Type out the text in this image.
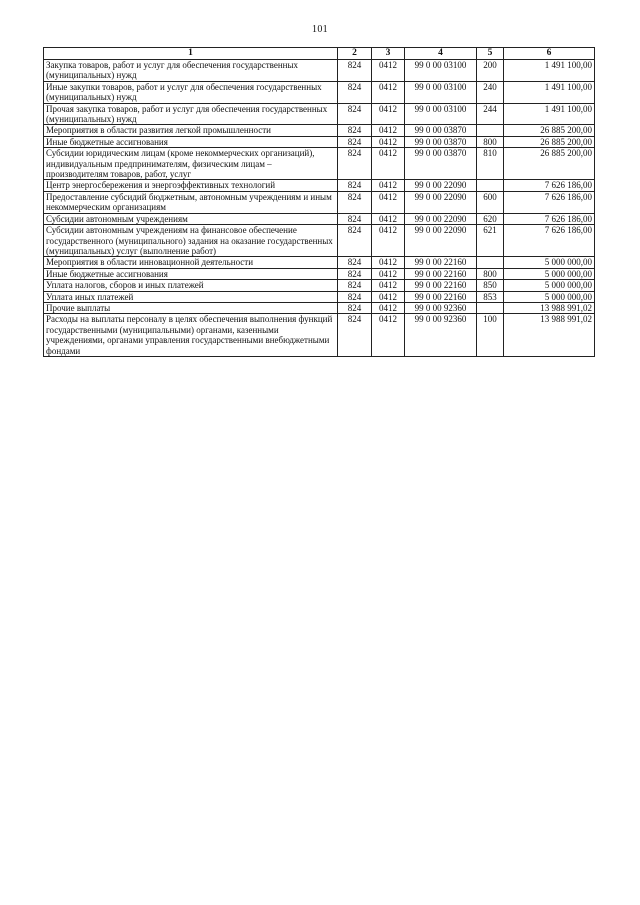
101
1	2	3	4	5	6
Закупка товаров, работ и услуг для обеспечения государственных (муниципальных) нужд	824	0412	99 0 00 03100	200	1 491 100,00
Иные закупки товаров, работ и услуг для обеспечения государственных (муниципальных) нужд	824	0412	99 0 00 03100	240	1 491 100,00
Прочая закупка товаров, работ и услуг для обеспечения государственных (муниципальных) нужд	824	0412	99 0 00 03100	244	1 491 100,00
Мероприятия в области развития легкой промышленности	824	0412	99 0 00 03870		26 885 200,00
Иные бюджетные ассигнования	824	0412	99 0 00 03870	800	26 885 200,00
Субсидии юридическим лицам (кроме некоммерческих организаций), индивидуальным предпринимателям, физическим лицам – производителям товаров, работ, услуг	824	0412	99 0 00 03870	810	26 885 200,00
Центр энергосбережения и энергоэффективных технологий	824	0412	99 0 00 22090		7 626 186,00
Предоставление субсидий бюджетным, автономным учреждениям и иным некоммерческим организациям	824	0412	99 0 00 22090	600	7 626 186,00
Субсидии автономным учреждениям	824	0412	99 0 00 22090	620	7 626 186,00
Субсидии автономным учреждениям на финансовое обеспечение государственного (муниципального) задания на оказание государственных (муниципальных) услуг (выполнение работ)	824	0412	99 0 00 22090	621	7 626 186,00
Мероприятия в области инновационной деятельности	824	0412	99 0 00 22160		5 000 000,00
Иные бюджетные ассигнования	824	0412	99 0 00 22160	800	5 000 000,00
Уплата налогов, сборов и иных платежей	824	0412	99 0 00 22160	850	5 000 000,00
Уплата иных платежей	824	0412	99 0 00 22160	853	5 000 000,00
Прочие выплаты	824	0412	99 0 00 92360		13 988 991,02
Расходы на выплаты персоналу в целях обеспечения выполнения функций государственными (муниципальными) органами, казенными учреждениями, органами управления государственными внебюджетными фондами	824	0412	99 0 00 92360	100	13 988 991,02
